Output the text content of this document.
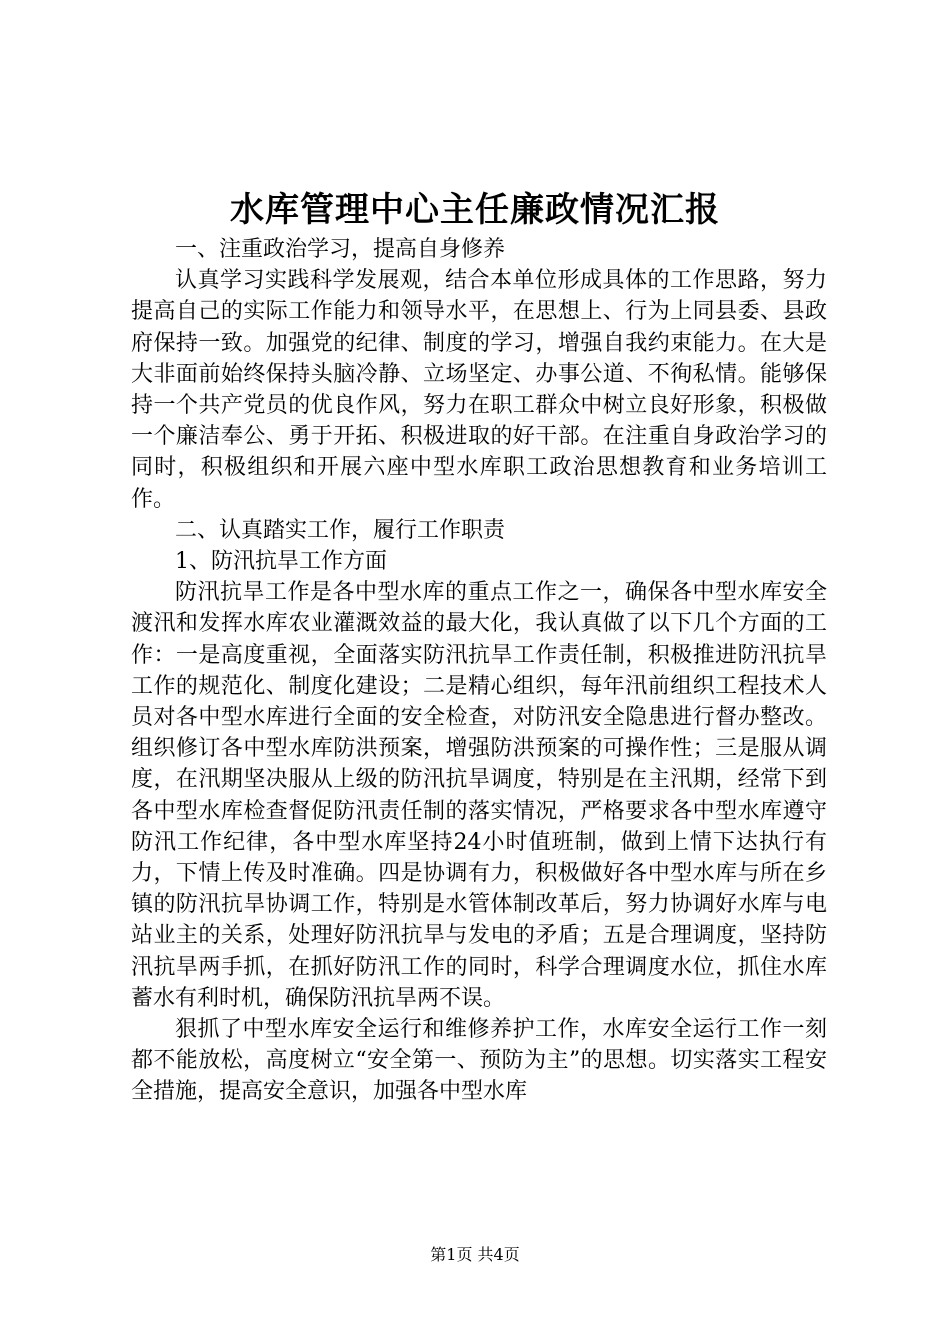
水库管理中心主任廉政情况汇报

一、注重政治学习，提高自身修养

认真学习实践科学发展观，结合本单位形成具体的工作思路，努力提高自己的实际工作能力和领导水平，在思想上、行为上同县委、县政府保持一致。加强党的纪律、制度的学习，增强自我约束能力。在大是大非面前始终保持头脑冷静、立场坚定、办事公道、不徇私情。能够保持一个共产党员的优良作风，努力在职工群众中树立良好形象，积极做一个廉洁奉公、勇于开拓、积极进取的好干部。在注重自身政治学习的同时，积极组织和开展六座中型水库职工政治思想教育和业务培训工作。

二、认真踏实工作，履行工作职责

1、防汛抗旱工作方面

防汛抗旱工作是各中型水库的重点工作之一，确保各中型水库安全渡汛和发挥水库农业灌溉效益的最大化，我认真做了以下几个方面的工作：一是高度重视，全面落实防汛抗旱工作责任制，积极推进防汛抗旱工作的规范化、制度化建设；二是精心组织，每年汛前组织工程技术人员对各中型水库进行全面的安全检查，对防汛安全隐患进行督办整改。组织修订各中型水库防洪预案，增强防洪预案的可操作性；三是服从调度，在汛期坚决服从上级的防汛抗旱调度，特别是在主汛期，经常下到各中型水库检查督促防汛责任制的落实情况，严格要求各中型水库遵守防汛工作纪律，各中型水库坚持24小时值班制，做到上情下达执行有力，下情上传及时准确。四是协调有力，积极做好各中型水库与所在乡镇的防汛抗旱协调工作，特别是水管体制改革后，努力协调好水库与电站业主的关系，处理好防汛抗旱与发电的矛盾；五是合理调度，坚持防汛抗旱两手抓，在抓好防汛工作的同时，科学合理调度水位，抓住水库蓄水有利时机，确保防汛抗旱两不误。

狠抓了中型水库安全运行和维修养护工作，水库安全运行工作一刻都不能放松，高度树立“安全第一、预防为主”的思想。切实落实工程安全措施，提高安全意识，加强各中型水库

第1页 共4页
